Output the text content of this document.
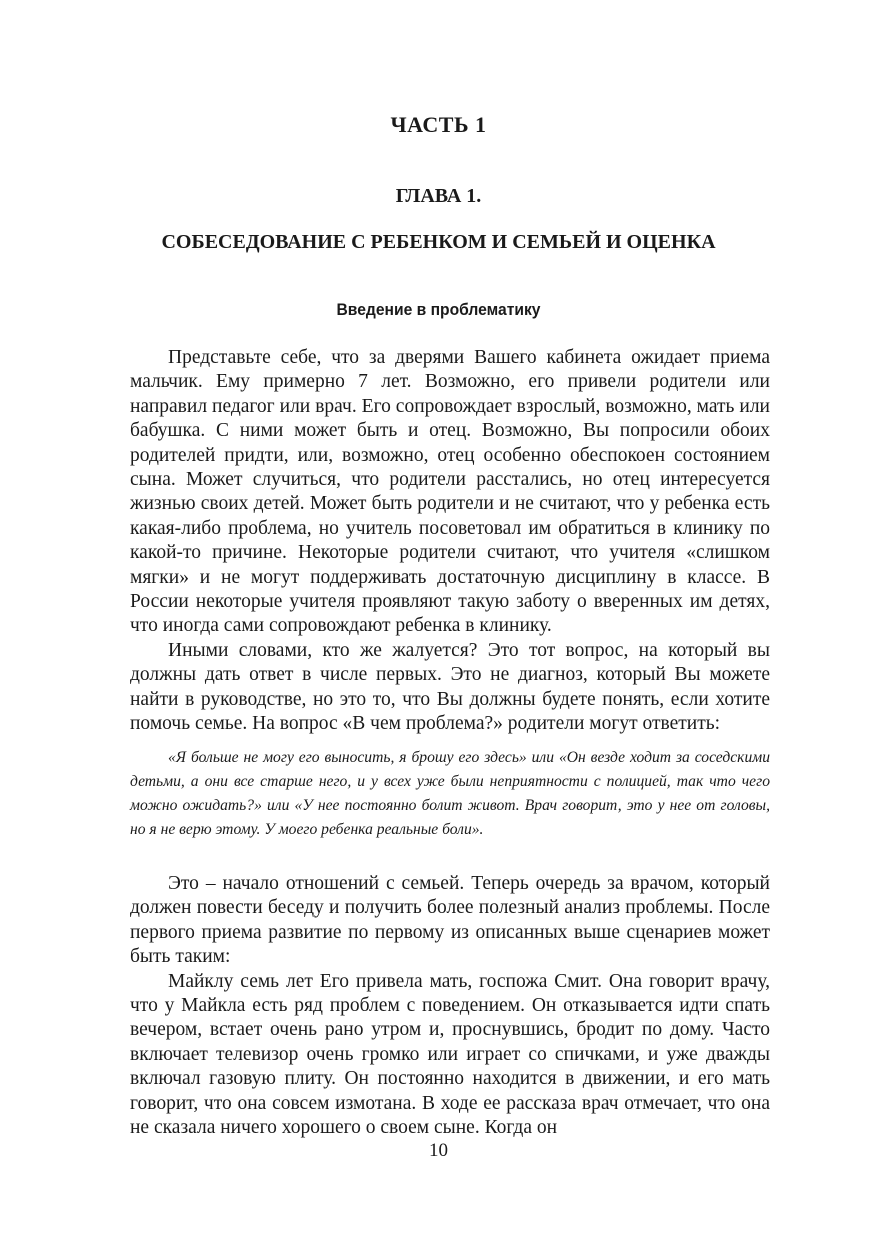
ЧАСТЬ 1
ГЛАВА 1.
СОБЕСЕДОВАНИЕ С РЕБЕНКОМ И СЕМЬЕЙ И ОЦЕНКА
Введение в проблематику

Представьте себе, что за дверями Вашего кабинета ожидает приема мальчик. Ему примерно 7 лет. Возможно, его привели родители или направил педагог или врач. Его сопровождает взрослый, возможно, мать или бабушка. С ними может быть и отец. Возможно, Вы попросили обоих родителей придти, или, возможно, отец особенно обеспокоен состоянием сына. Может случиться, что родители расстались, но отец интересуется жизнью своих детей. Может быть родители и не считают, что у ребенка есть какая-либо проблема, но учитель посоветовал им обратиться в клинику по какой-то причине. Некоторые родители считают, что учителя «слишком мягки» и не могут поддерживать достаточную дисциплину в классе. В России некоторые учителя проявляют такую заботу о вверенных им детях, что иногда сами сопровождают ребенка в клинику.

Иными словами, кто же жалуется? Это тот вопрос, на который вы должны дать ответ в числе первых. Это не диагноз, который Вы можете найти в руководстве, но это то, что Вы должны будете понять, если хотите помочь семье. На вопрос «В чем проблема?» родители могут ответить:

«Я больше не могу его выносить, я брошу его здесь» или «Он везде ходит за соседскими детьми, а они все старше него, и у всех уже были неприятности с полицией, так что чего можно ожидать?» или «У нее постоянно болит живот. Врач говорит, это у нее от головы, но я не верю этому. У моего ребенка реальные боли».

Это – начало отношений с семьей. Теперь очередь за врачом, который должен повести беседу и получить более полезный анализ проблемы. После первого приема развитие по первому из описанных выше сценариев может быть таким:

Майклу семь лет Его привела мать, госпожа Смит. Она говорит врачу, что у Майкла есть ряд проблем с поведением. Он отказывается идти спать вечером, встает очень рано утром и, проснувшись, бродит по дому. Часто включает телевизор очень громко или играет со спичками, и уже дважды включал газовую плиту. Он постоянно находится в движении, и его мать говорит, что она совсем измотана. В ходе ее рассказа врач отмечает, что она не сказала ничего хорошего о своем сыне. Когда он

10
